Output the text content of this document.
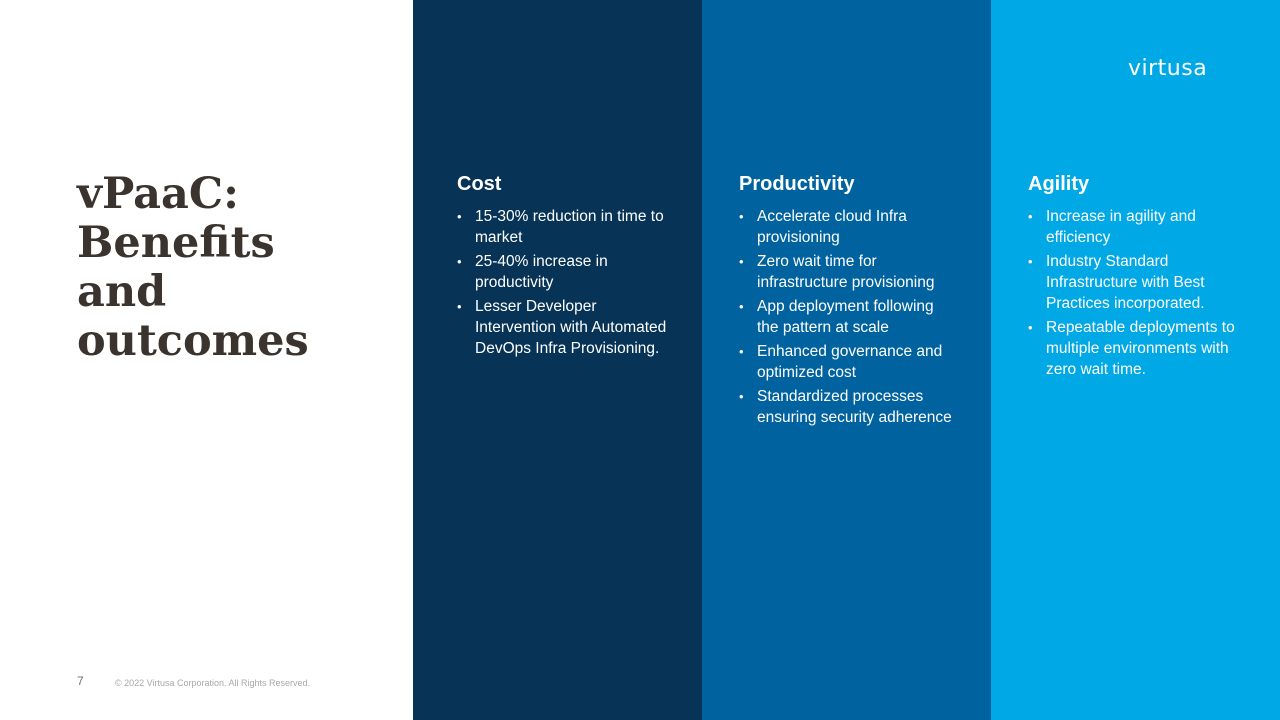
vPaaC:
Benefits
and
outcomes
7	© 2022 Virtusa Corporation. All Rights Reserved.
Cost
• 15-30% reduction in time to market
• 25-40% increase in productivity
• Lesser Developer Intervention with Automated DevOps Infra Provisioning.
Productivity
• Accelerate cloud Infra provisioning
• Zero wait time for infrastructure provisioning
• App deployment following the pattern at scale
• Enhanced governance and optimized cost
• Standardized processes ensuring security adherence
virtusa
Agility
• Increase in agility and efficiency
• Industry Standard Infrastructure with Best Practices incorporated.
• Repeatable deployments to multiple environments with zero wait time.
